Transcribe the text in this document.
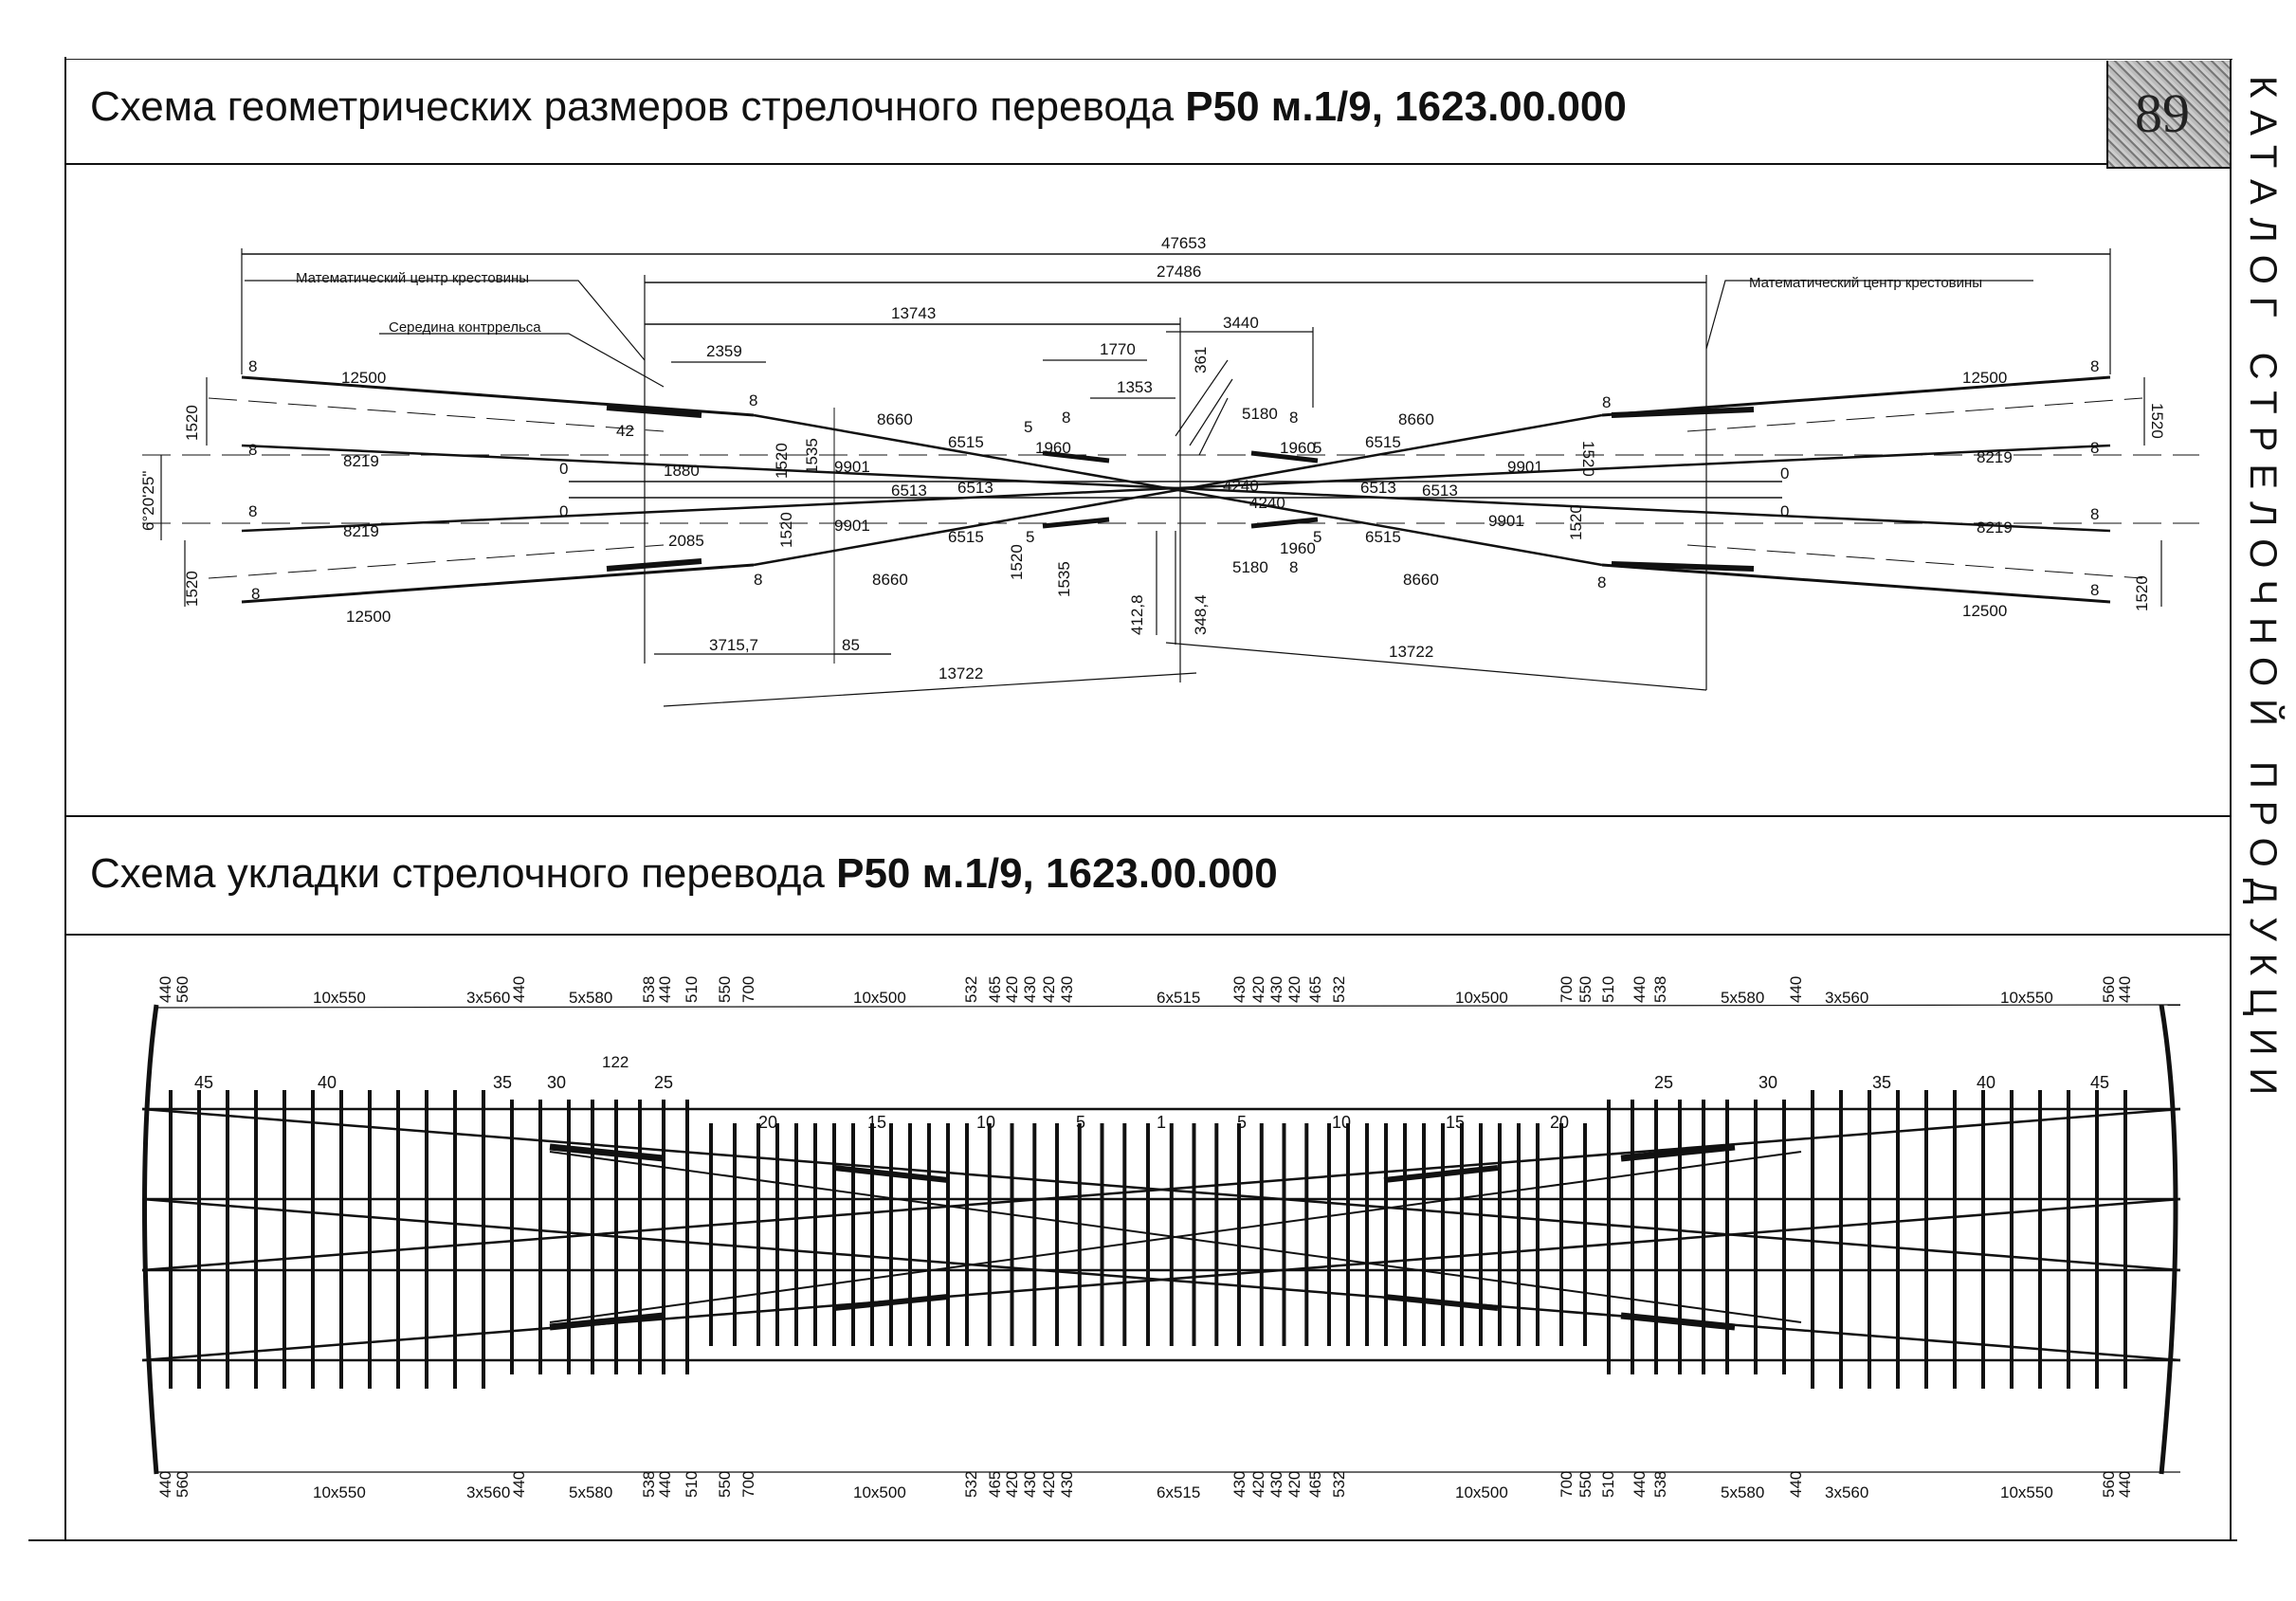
89 КАТАЛОГ СТРЕЛОЧНОЙ ПРОДУКЦИИ
Схема геометрических размеров стрелочного перевода Р50 м.1/9, 1623.00.000
Схема укладки стрелочного перевода Р50 м.1/9, 1623.00.000
47653
27486
13743
Математический центр крестовины	Математический центр крестовины
Середина контррельса
2359	1770
3440
361
1353
12500	12500
12500	12500
8219
8219
8219
8219
8660	8660
8660	8660
6515	6515
6515	6515
6513 6513	6513 6513
9901	9901
9901	9901
5180
5180
1960	1960
1960
4240
4240
1880
2085
42
3715,7	85
13722
13722
412,8	348,4
6°20'25"
1520
1520
1520
1520
1520	1520
1535
1520 1535
1520
1520
8
8
8
8
8
8
8
8
8
8
8
8
8	8
8
5
5
5
5
0
0
0
0
440 560	10x550	3x560 440	5x580 538
440 510 550 700	10x500	532 465 420 430 420 430	6x515 430 420 430 420 465 532	10x500	700 550 510 440 538	5x580 440 3x560	10x550	560
440
440 560	10x550	3x560 440	5x580 538
440 510 550 700	10x500	532 465 420 430 420 430	6x515 430 420 430 420 465 532	10x500	700 550 510 440 538	5x580 440 3x560	10x550	560
440
45	40	35 30	25
20	15	10	5	1	5	10	15	20
25	30	35	40	45
122
